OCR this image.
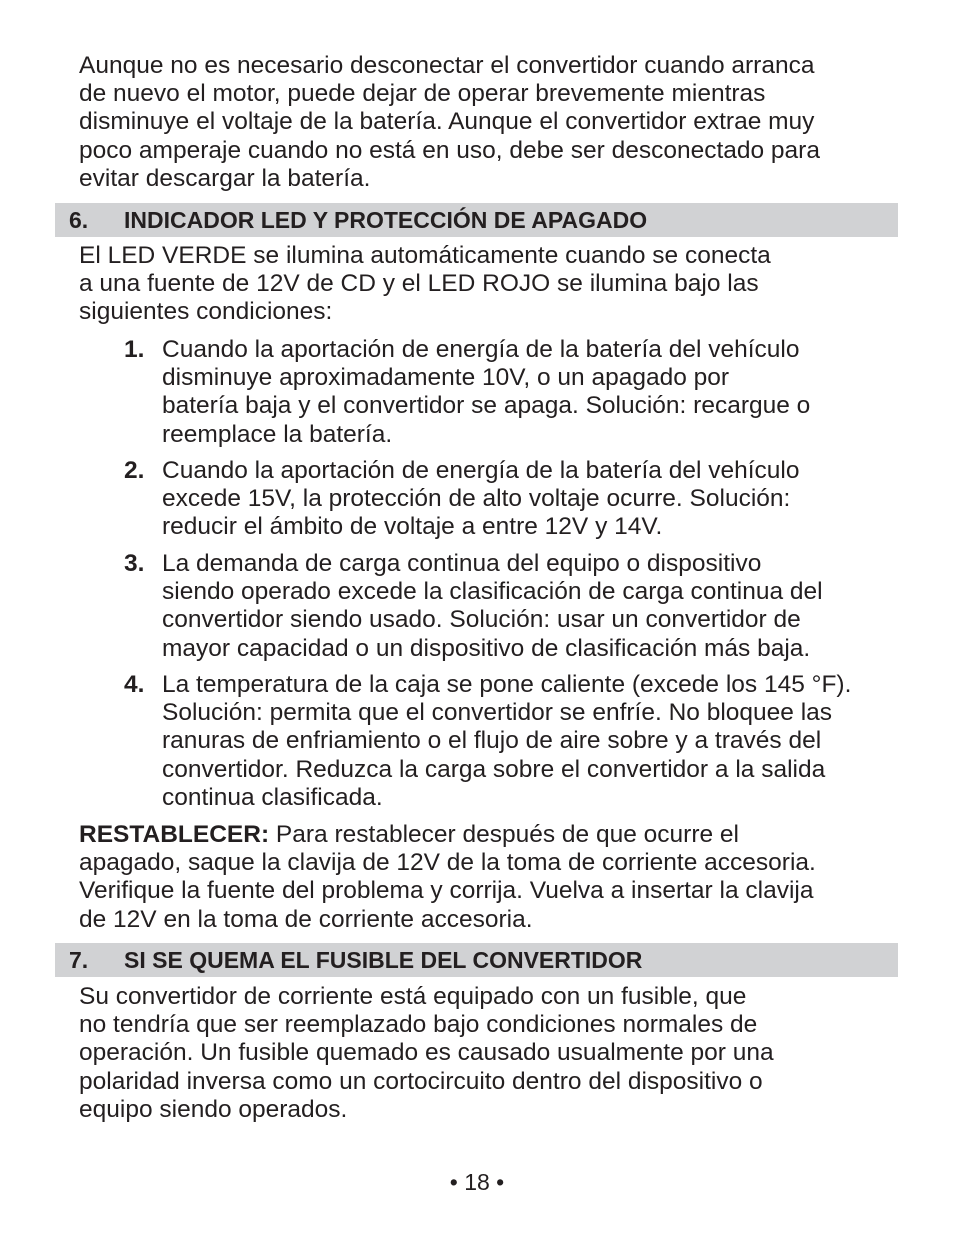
Aunque no es necesario desconectar el convertidor cuando arranca
de nuevo el motor, puede dejar de operar brevemente mientras
disminuye el voltaje de la batería. Aunque el convertidor extrae muy
poco amperaje cuando no está en uso, debe ser desconectado para
evitar descargar la batería.

6. INDICADOR LED Y PROTECCIÓN DE APAGADO

El LED VERDE se ilumina automáticamente cuando se conecta
a una fuente de 12V de CD y el LED ROJO se ilumina bajo las
siguientes condiciones:

1. Cuando la aportación de energía de la batería del vehículo
disminuye aproximadamente 10V, o un apagado por
batería baja y el convertidor se apaga. Solución: recargue o
reemplace la batería.
2. Cuando la aportación de energía de la batería del vehículo
excede 15V, la protección de alto voltaje ocurre. Solución:
reducir el ámbito de voltaje a entre 12V y 14V.
3. La demanda de carga continua del equipo o dispositivo
siendo operado excede la clasificación de carga continua del
convertidor siendo usado. Solución: usar un convertidor de
mayor capacidad o un dispositivo de clasificación más baja.
4. La temperatura de la caja se pone caliente (excede los 145 °F).
Solución: permita que el convertidor se enfríe. No bloquee las
ranuras de enfriamiento o el flujo de aire sobre y a través del
convertidor. Reduzca la carga sobre el convertidor a la salida
continua clasificada.

RESTABLECER: Para restablecer después de que ocurre el
apagado, saque la clavija de 12V de la toma de corriente accesoria.
Verifique la fuente del problema y corrija. Vuelva a insertar la clavija
de 12V en la toma de corriente accesoria.

7. SI SE QUEMA EL FUSIBLE DEL CONVERTIDOR

Su convertidor de corriente está equipado con un fusible, que
no tendría que ser reemplazado bajo condiciones normales de
operación. Un fusible quemado es causado usualmente por una
polaridad inversa como un cortocircuito dentro del dispositivo o
equipo siendo operados.

• 18 •
